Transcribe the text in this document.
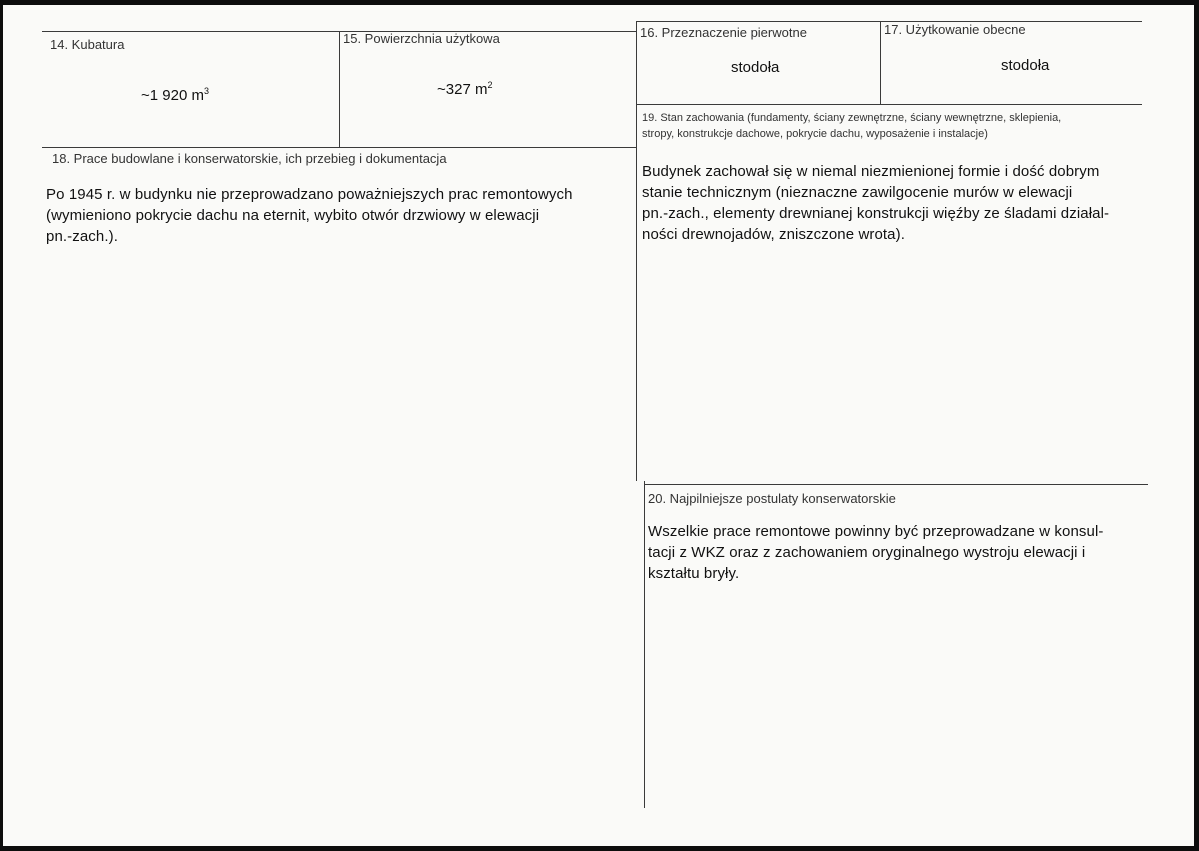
14. Kubatura
~1 920 $m^3$
15. Powierzchnia użytkowa
~327 $m^2$
16. Przeznaczenie pierwotne
stodoła
17. Użytkowanie obecne
stodoła
18. Prace budowlane i konserwatorskie, ich przebieg i dokumentacja
Po 1945 r. w budynku nie przeprowadzano poważniejszych prac remontowych
(wymieniono pokrycie dachu na eternit, wybito otwór drzwiowy w elewacji
pn.-zach.).
19. Stan zachowania (fundamenty, ściany zewnętrzne, ściany wewnętrzne, sklepienia,
stropy, konstrukcje dachowe, pokrycie dachu, wyposażenie i instalacje)
Budynek zachował się w niemal niezmienionej formie i dość dobrym
stanie technicznym (nieznaczne zawilgocenie murów w elewacji
pn.-zach., elementy drewnianej konstrukcji więźby ze śladami działal-
ności drewnojadów, zniszczone wrota).
20. Najpilniejsze postulaty konserwatorskie
Wszelkie prace remontowe powinny być przeprowadzane w konsul-
tacji z WKZ oraz z zachowaniem oryginalnego wystroju elewacji i
kształtu bryły.
